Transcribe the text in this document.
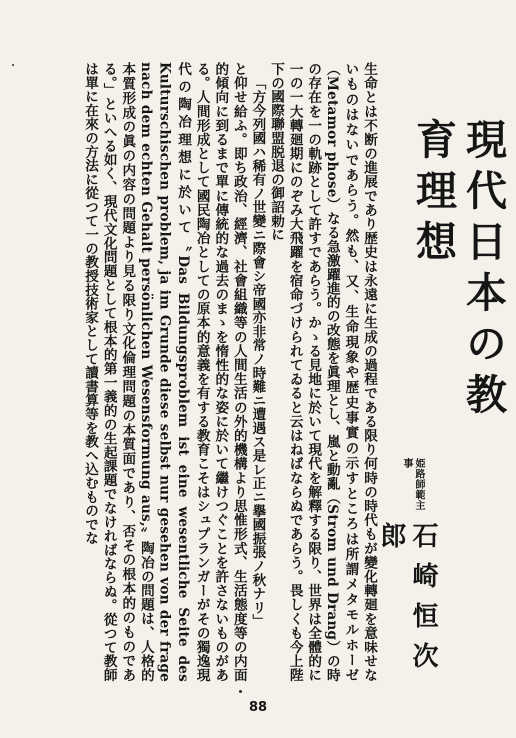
現代日本の教育理想
姫路師範主事
石崎恒次郎

生命とは不断の進展であり歴史は永遠に生成の過程である限り何時の時代もが變化轉廻を意味せないものはないであらう。然も、又、生命現象や歴史事實の示すところは所謂メタモルホーゼ（Metamor phose）なる急激躍進的の改態を眞理とし、嵐と動亂（Strom und Drang）の時の存在を一の軌跡として許すであらう。かゝる見地に於いて現代を解釋する限り、世界は全體的に一の一大轉廻期にのぞみ大飛躍を宿命づけられてゐると云はねばならぬであらう。畏しくも今上陛下の國際聯盟脱退の御詔勅に

「方今列國ハ稀有ノ世變ニ際會シ帝國亦非常ノ時難ニ遭遇ス是レ正ニ擧國振張ノ秋ナリ」

と仰せ給ふ。即ち政治、經濟、社會組織等の人間生活の外的機構より思惟形式、生活態度等の内面的傾向に到るまで單に傳統的な過去のまゝを惰性的な姿に於いて繼けつぐことを許さないものがある。人間形成として國民陶冶としての原本的意義を有する教育こそはシュプランガーがその獨逸現代の陶冶理想に於いて〝Das Bildungsproblem ist eine wesentliche Seite des Kulturschischen problem, ja im Grunde diese selbst nur gesehen von der frage nach dem echten Gehalt persönlichen Wesensformung aus,〟陶冶の問題は、人格的本質形成の眞の内容の問題より見る限り文化倫理問題の本質面であり、否その根本的のものである。」といへる如く、現代文化問題として根本的第一義的の生起課題でなければならぬ。從つて教師は單に在來の方法に從つて一の教授技術家として讀書算等を教へ込むものでな

88
